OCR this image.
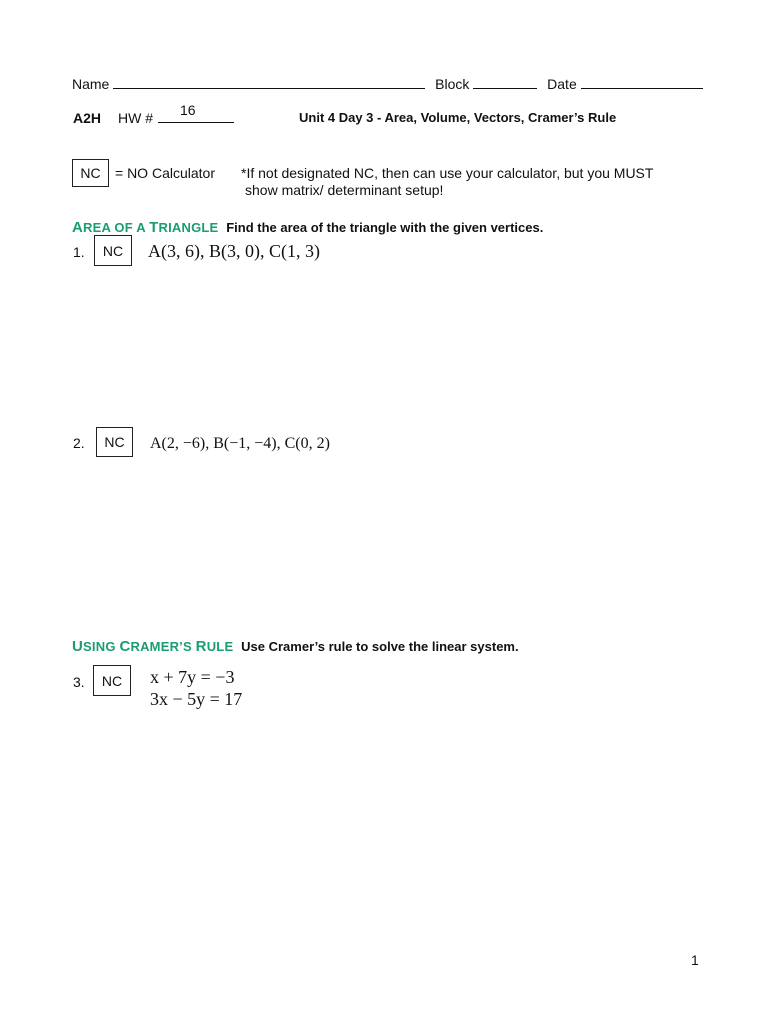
Name	Block	Date
A2H HW # 16	Unit 4 Day 3 - Area, Volume, Vectors, Cramer’s Rule
NC	= NO Calculator *If not designated NC, then can use your calculator, but you MUST
show matrix/ determinant setup!
AREA OF A TRIANGLE Find the area of the triangle with the given vertices.
1.	NC	A(3, 6), B(3, 0), C(1, 3)
2.	NC	A(2, −6), B(−1, −4), C(0, 2)
USING CRAMER’S RULE Use Cramer’s rule to solve the linear system.
3.	NC	x + 7y = −3
3x − 5y = 17
1
